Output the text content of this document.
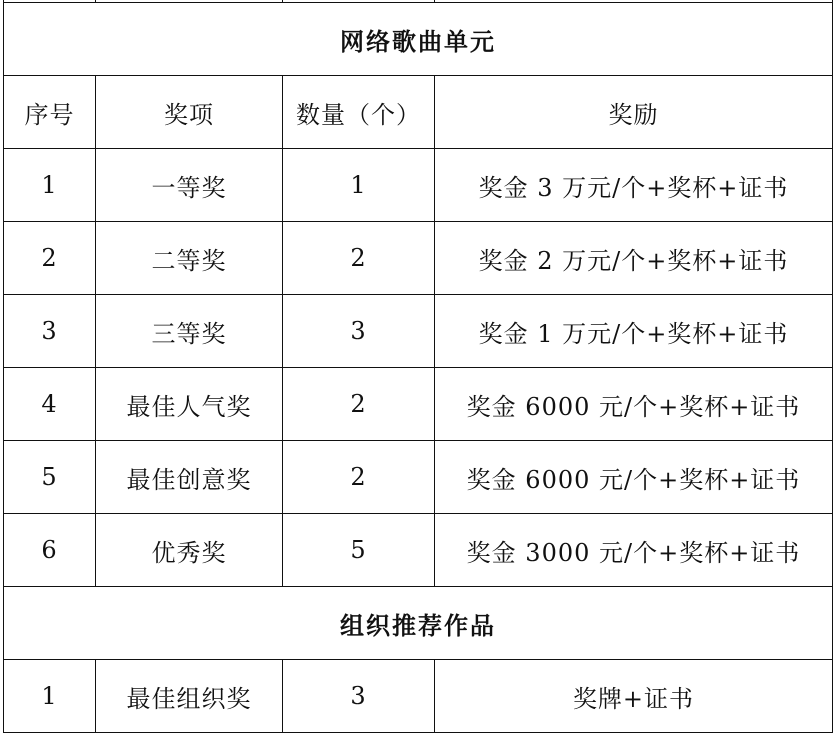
网络歌曲单元			
序号	奖项	数量（个）	奖励
1	一等奖	1	奖金 3 万元/个+奖杯+证书
2	二等奖	2	奖金 2 万元/个+奖杯+证书
3	三等奖	3	奖金 1 万元/个+奖杯+证书
4	最佳人气奖	2	奖金 6000 元/个+奖杯+证书
5	最佳创意奖	2	奖金 6000 元/个+奖杯+证书
6	优秀奖	5	奖金 3000 元/个+奖杯+证书
组织推荐作品			
1	最佳组织奖	3	奖牌+证书
